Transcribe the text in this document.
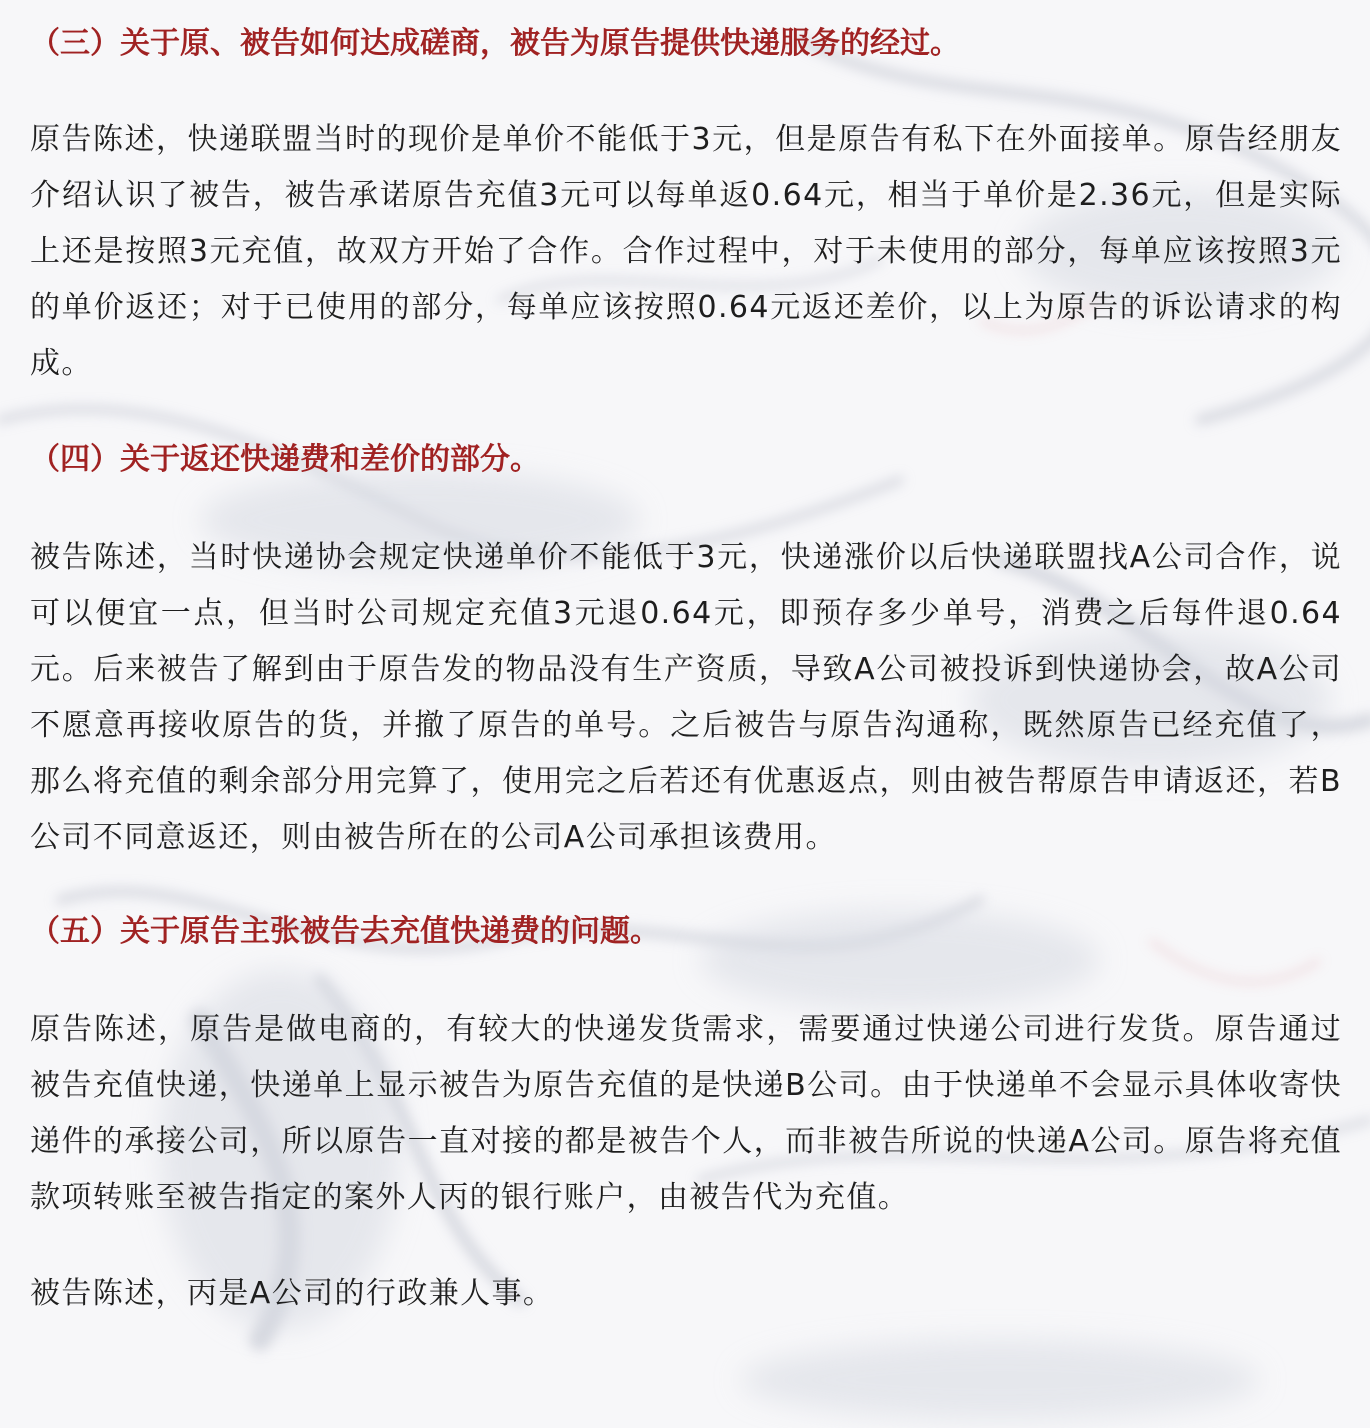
（三）关于原、被告如何达成磋商，被告为原告提供快递服务的经过。

原告陈述，快递联盟当时的现价是单价不能低于3元，但是原告有私下在外面接单。原告经朋友介绍认识了被告，被告承诺原告充值3元可以每单返0.64元，相当于单价是2.36元，但是实际上还是按照3元充值，故双方开始了合作。合作过程中，对于未使用的部分，每单应该按照3元的单价返还；对于已使用的部分，每单应该按照0.64元返还差价，以上为原告的诉讼请求的构成。

（四）关于返还快递费和差价的部分。

被告陈述，当时快递协会规定快递单价不能低于3元，快递涨价以后快递联盟找A公司合作，说可以便宜一点，但当时公司规定充值3元退0.64元，即预存多少单号，消费之后每件退0.64元。后来被告了解到由于原告发的物品没有生产资质，导致A公司被投诉到快递协会，故A公司不愿意再接收原告的货，并撤了原告的单号。之后被告与原告沟通称，既然原告已经充值了，那么将充值的剩余部分用完算了，使用完之后若还有优惠返点，则由被告帮原告申请返还，若B公司不同意返还，则由被告所在的公司A公司承担该费用。

（五）关于原告主张被告去充值快递费的问题。

原告陈述，原告是做电商的，有较大的快递发货需求，需要通过快递公司进行发货。原告通过被告充值快递，快递单上显示被告为原告充值的是快递B公司。由于快递单不会显示具体收寄快递件的承接公司，所以原告一直对接的都是被告个人，而非被告所说的快递A公司。原告将充值款项转账至被告指定的案外人丙的银行账户，由被告代为充值。

被告陈述，丙是A公司的行政兼人事。
